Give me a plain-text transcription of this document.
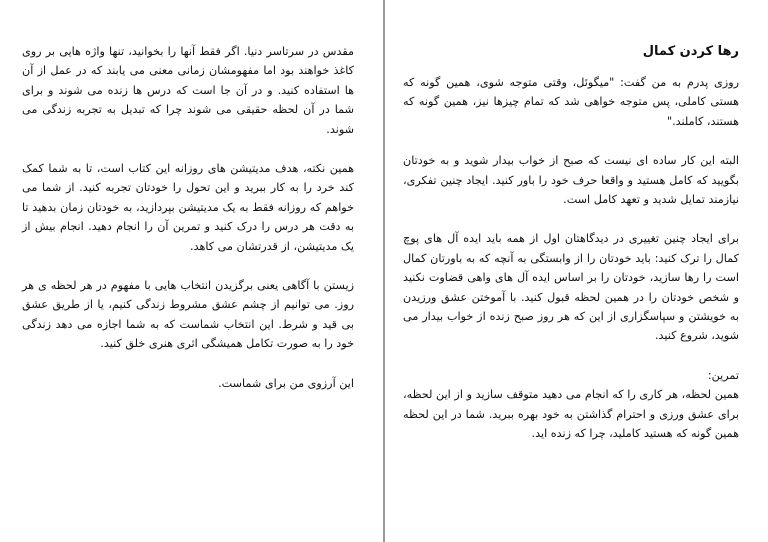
مقدس در سرتاسر دنیا. اگر فقط آنها را بخوانید، تنها واژه هایی بر روی کاغذ خواهند بود اما مفهومشان زمانی معنی می یابند که در عمل از آن ها استفاده کنید. و در آن جا است که درس ها زنده می شوند و برای شما در آن لحظه حقیقی می شوند چرا که تبدیل به تجربه زندگی می شوند.

همین نکته، هدف مدیتیشن های روزانه این کتاب است، تا به شما کمک کند خرد را به کار ببرید و این تحول را خودتان تجربه کنید. از شما می خواهم که روزانه فقط به یک مدیتیشن بپردازید، به خودتان زمان بدهید تا به دقت هر درس را درک کنید و تمرین آن را انجام دهید. انجام بیش از یک مدیتیشن، از قدرتشان می کاهد.

زیستن با آگاهی یعنی برگزیدن انتخاب هایی با مفهوم در هر لحظه ی هر روز. می توانیم از چشم عشق مشروط زندگی کنیم، یا از طریق عشق بی قید و شرط. این انتخاب شماست که به شما اجازه می دهد زندگی خود را به صورت تکامل همیشگی اثری هنری خلق کنید.

این آرزوی من برای شماست.

رها کردن کمال

روزی پدرم به من گفت: "میگوئل، وقتی متوجه شوی، همین گونه که هستی کاملی، پس متوجه خواهی شد که تمام چیزها نیز، همین گونه که هستند، کاملند."

البته این کار ساده ای نیست که صبح از خواب بیدار شوید و به خودتان بگویید که کامل هستید و واقعا حرف خود را باور کنید. ایجاد چنین تفکری، نیازمند تمایل شدید و تعهد کامل است.

برای ایجاد چنین تغییری در دیدگاهتان اول از همه باید ایده آل های پوچ کمال را ترک کنید: باید خودتان را از وابستگی به آنچه که به باورتان کمال است را رها سازید، خودتان را بر اساس ایده آل های واهی قضاوت نکنید و شخص خودتان را در همین لحظه قبول کنید. با آموختن عشق ورزیدن به خویشتن و سپاسگزاری از این که هر روز صبح زنده از خواب بیدار می شوید، شروع کنید.

تمرین:

همین لحظه، هر کاری را که انجام می دهید متوقف سازید و از این لحظه، برای عشق ورزی و احترام گذاشتن به خود بهره ببرید. شما در این لحظه همین گونه که هستید کاملید، چرا که زنده اید.
